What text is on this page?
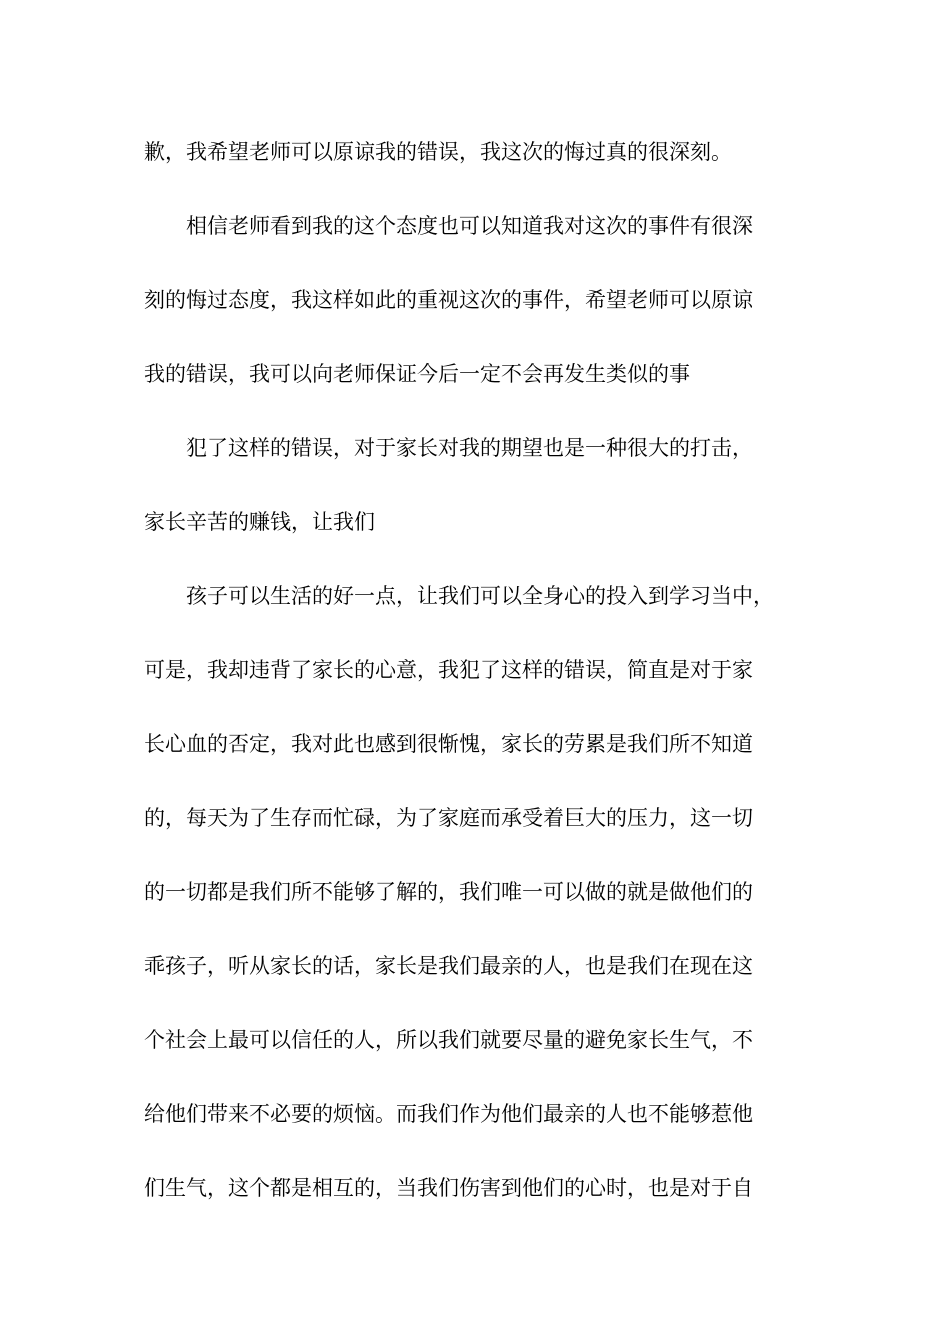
歉，我希望老师可以原谅我的错误，我这次的悔过真的很深刻。
相信老师看到我的这个态度也可以知道我对这次的事件有很深
刻的悔过态度，我这样如此的重视这次的事件，希望老师可以原谅
我的错误，我可以向老师保证今后一定不会再发生类似的事
犯了这样的错误，对于家长对我的期望也是一种很大的打击，
家长辛苦的赚钱，让我们
孩子可以生活的好一点，让我们可以全身心的投入到学习当中，
可是，我却违背了家长的心意，我犯了这样的错误，简直是对于家
长心血的否定，我对此也感到很惭愧，家长的劳累是我们所不知道
的，每天为了生存而忙碌，为了家庭而承受着巨大的压力，这一切
的一切都是我们所不能够了解的，我们唯一可以做的就是做他们的
乖孩子，听从家长的话，家长是我们最亲的人，也是我们在现在这
个社会上最可以信任的人，所以我们就要尽量的避免家长生气，不
给他们带来不必要的烦恼。而我们作为他们最亲的人也不能够惹他
们生气，这个都是相互的，当我们伤害到他们的心时，也是对于自
